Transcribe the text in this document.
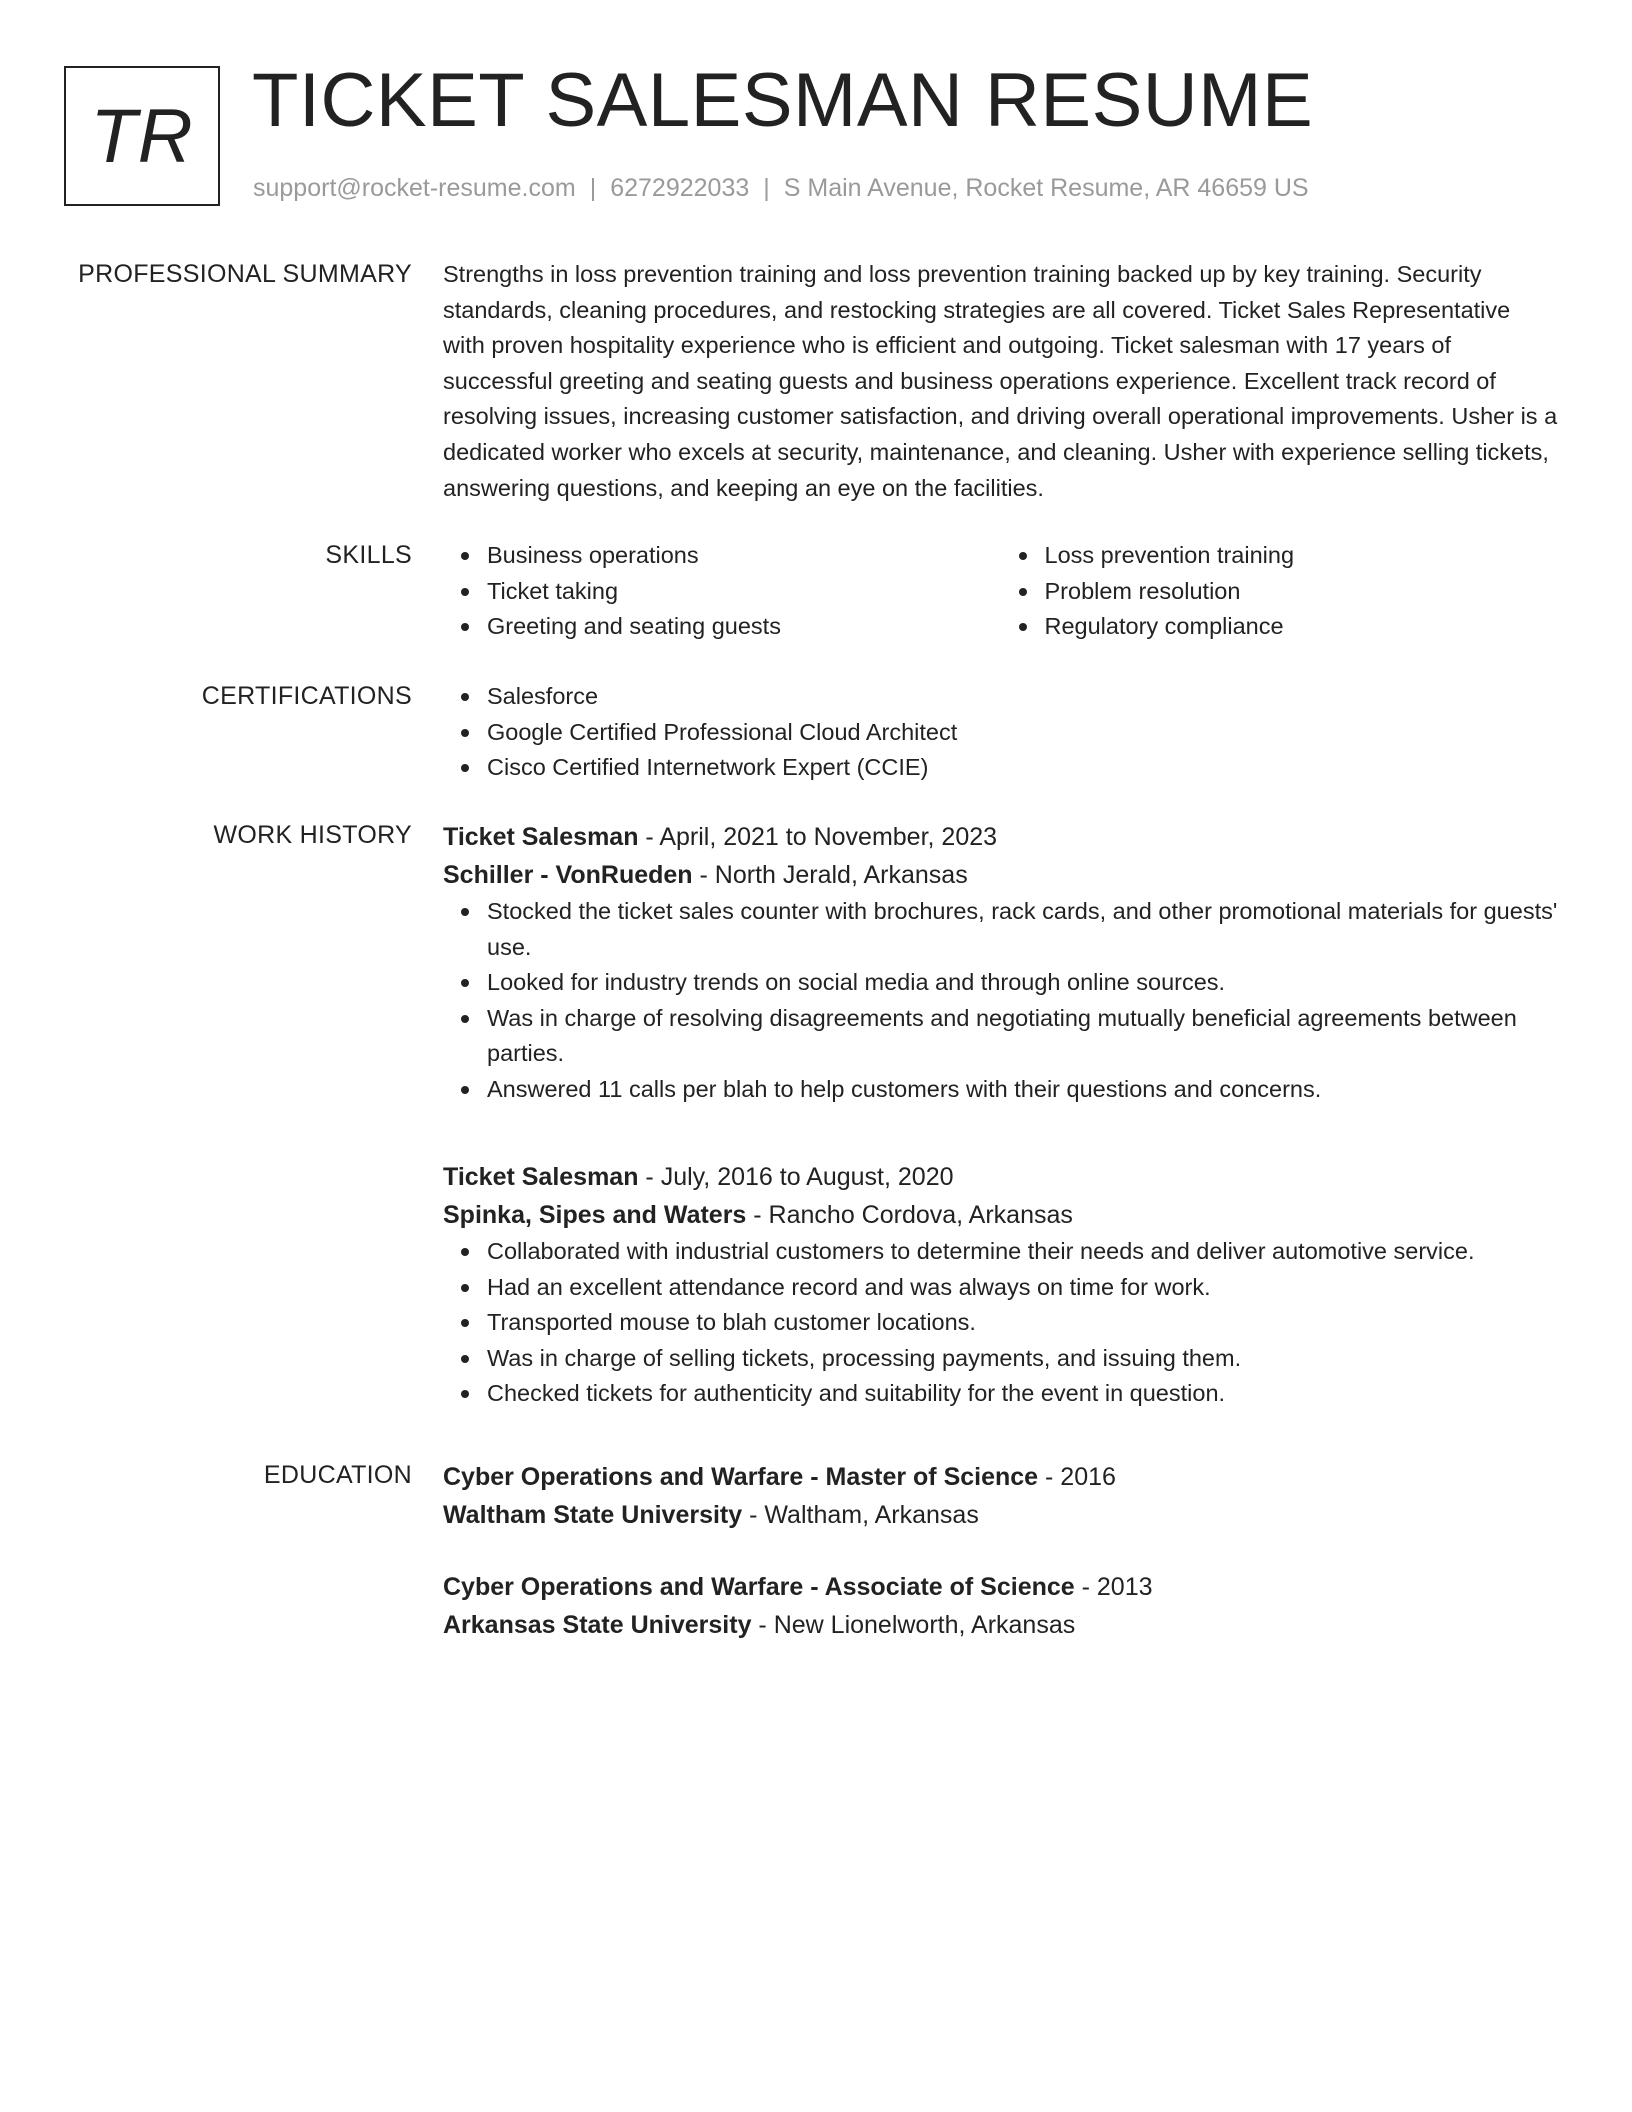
TR TICKET SALESMAN RESUME
support@rocket-resume.com | 6272922033 | S Main Avenue, Rocket Resume, AR 46659 US
PROFESSIONAL SUMMARY Strengths in loss prevention training and loss prevention training backed up by key training. Security standards, cleaning procedures, and restocking strategies are all covered. Ticket Sales Representative with proven hospitality experience who is efficient and outgoing. Ticket salesman with 17 years of successful greeting and seating guests and business operations experience. Excellent track record of resolving issues, increasing customer satisfaction, and driving overall operational improvements. Usher is a dedicated worker who excels at security, maintenance, and cleaning. Usher with experience selling tickets, answering questions, and keeping an eye on the facilities.

SKILLS	Business operations
Ticket taking
Greeting and seating guests
Loss prevention training
Problem resolution
Regulatory compliance
CERTIFICATIONS	Salesforce
Google Certified Professional Cloud Architect
Cisco Certified Internetwork Expert (CCIE)
WORK HISTORY Ticket Salesman - April, 2021 to November, 2023
Schiller - VonRueden - North Jerald, Arkansas
Stocked the ticket sales counter with brochures, rack cards, and other promotional materials for guests' use.
Looked for industry trends on social media and through online sources.
Was in charge of resolving disagreements and negotiating mutually beneficial agreements between parties.
Answered 11 calls per blah to help customers with their questions and concerns.
Ticket Salesman - July, 2016 to August, 2020
Spinka, Sipes and Waters - Rancho Cordova, Arkansas
Collaborated with industrial customers to determine their needs and deliver automotive service.
Had an excellent attendance record and was always on time for work.
Transported mouse to blah customer locations.
Was in charge of selling tickets, processing payments, and issuing them.
Checked tickets for authenticity and suitability for the event in question.
EDUCATION Cyber Operations and Warfare - Master of Science - 2016
Waltham State University - Waltham, Arkansas
Cyber Operations and Warfare - Associate of Science - 2013
Arkansas State University - New Lionelworth, Arkansas
